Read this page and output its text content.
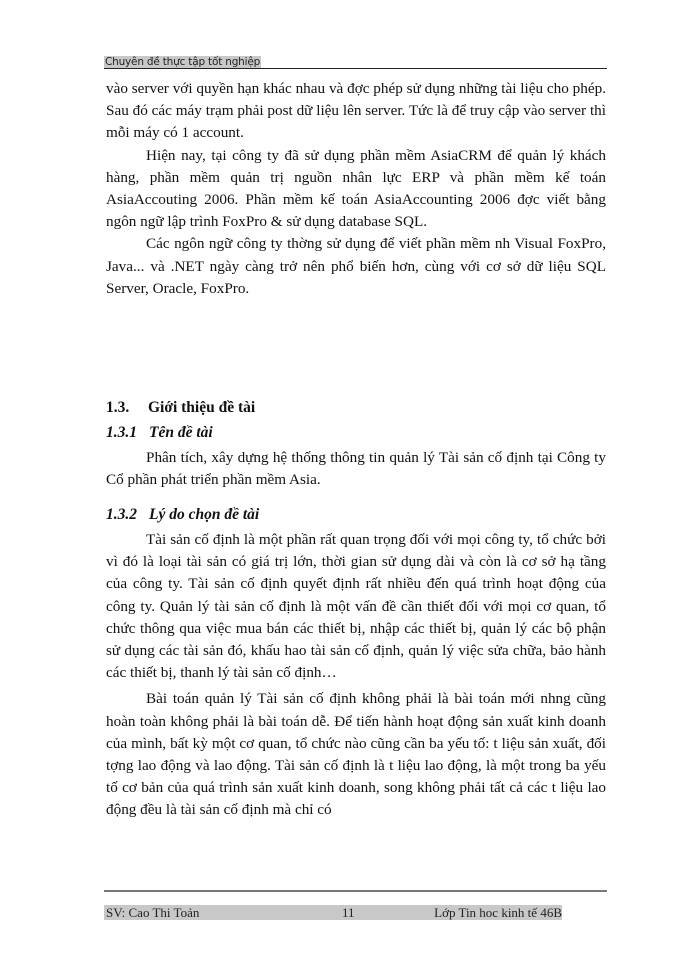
Chuyên đề thực tập tốt nghiệp

vào server với quyền hạn khác nhau và đợc phép sử dụng những tài liệu cho phép. Sau đó các máy trạm phải post dữ liệu lên server. Tức là để truy cập vào server thì mỗi máy có 1 account.

Hiện nay, tại công ty đã sử dụng phần mềm AsiaCRM để quản lý khách hàng, phần mềm quản trị nguồn nhân lực ERP và phần mềm kế toán AsiaAccouting 2006. Phần mềm kế toán AsiaAccounting 2006 đợc viết bằng ngôn ngữ lập trình FoxPro & sử dụng database SQL.

Các ngôn ngữ công ty thờng sử dụng để viết phần mềm nh Visual FoxPro, Java... và .NET ngày càng trở nên phổ biến hơn, cùng với cơ sở dữ liệu SQL Server, Oracle, FoxPro.

1.3. Giới thiệu đề tài
1.3.1 Tên đề tài

Phân tích, xây dựng hệ thống thông tin quản lý Tài sản cố định tại Công ty Cổ phần phát triển phần mềm Asia.

1.3.2 Lý do chọn đề tài

Tài sản cố định là một phần rất quan trọng đối với mọi công ty, tổ chức bởi vì đó là loại tài sản có giá trị lớn, thời gian sử dụng dài và còn là cơ sở hạ tầng của công ty. Tài sản cố định quyết định rất nhiều đến quá trình hoạt động của công ty. Quản lý tài sản cố định là một vấn đề cần thiết đối với mọi cơ quan, tổ chức thông qua việc mua bán các thiết bị, nhập các thiết bị, quản lý các bộ phận sử dụng các tài sản đó, khấu hao tài sản cố định, quản lý việc sửa chữa, bảo hành các thiết bị, thanh lý tài sản cố định…

Bài toán quản lý Tài sản cố định không phải là bài toán mới nhng cũng hoàn toàn không phải là bài toán dễ. Để tiến hành hoạt động sản xuất kinh doanh của mình, bất kỳ một cơ quan, tổ chức nào cũng cần ba yếu tố: t liệu sản xuất, đối tợng lao động và lao động. Tài sản cố định là t liệu lao động, là một trong ba yếu tố cơ bản của quá trình sản xuất kinh doanh, song không phải tất cả các t liệu lao động đều là tài sản cố định mà chỉ có

SV: Cao Thi Toản	11	Lớp Tin hoc kinh tế 46B
